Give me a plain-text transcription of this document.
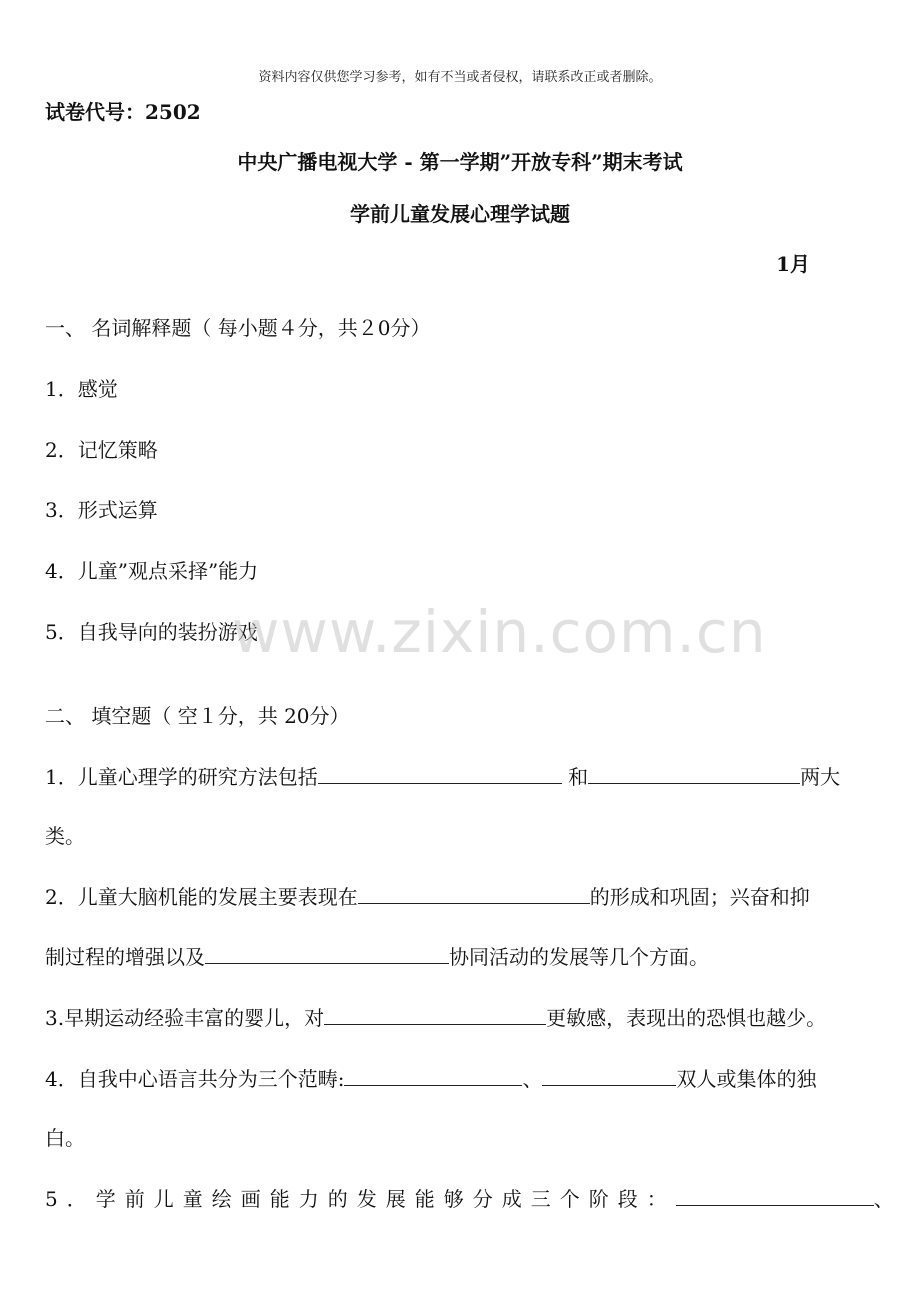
资料内容仅供您学习参考，如有不当或者侵权，请联系改正或者删除。
试卷代号：2502
中央广播电视大学 - 第一学期”开放专科”期末考试
学前儿童发展心理学试题
1月
一、 名词解释题（ 每小题４分，共２0分）
1．感觉
2．记忆策略
3．形式运算
4．儿童”观点采择”能力
5．自我导向的装扮游戏
www.zixin.com.cn
二、 填空题（ 空１分，共 20分）
1．儿童心理学的研究方法包括	和	两大
类。
2．儿童大脑机能的发展主要表现在	的形成和巩固；兴奋和抑
制过程的增强以及	协同活动的发展等几个方面。
3.早期运动经验丰富的婴儿，对	更敏感，表现出的恐惧也越少。
4．自我中心语言共分为三个范畴:	、	双人或集体的独
白。
5．学前儿童绘画能力的发展能够分成三个阶段：	、
